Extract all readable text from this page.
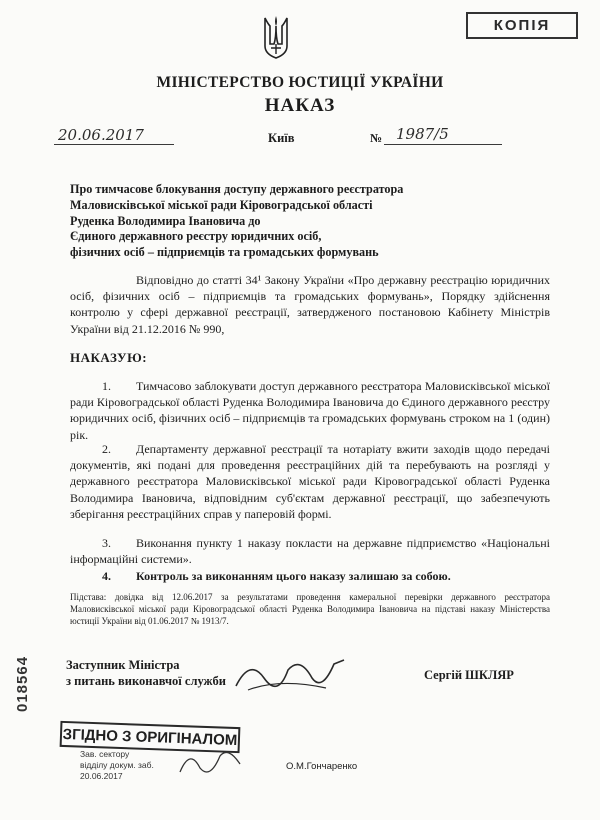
КОПІЯ
МІНІСТЕРСТВО ЮСТИЦІЇ УКРАЇНИ
НАКАЗ
20.06.2017	Київ	№ 1987/5
Про тимчасове блокування доступу державного реєстратора
Маловисківської міської ради Кіровоградської області
Руденка Володимира Івановича до
Єдиного державного реєстру юридичних осіб,
фізичних осіб – підприємців та громадських формувань
Відповідно до статті 34¹ Закону України «Про державну реєстрацію юридичних осіб, фізичних осіб – підприємців та громадських формувань», Порядку здійснення контролю у сфері державної реєстрації, затвердженого постановою Кабінету Міністрів України від 21.12.2016 № 990,
НАКАЗУЮ:
1. Тимчасово заблокувати доступ державного реєстратора Маловисківської міської ради Кіровоградської області Руденка Володимира Івановича до Єдиного державного реєстру юридичних осіб, фізичних осіб – підприємців та громадських формувань строком на 1 (один) рік.
2. Департаменту державної реєстрації та нотаріату вжити заходів щодо передачі документів, які подані для проведення реєстраційних дій та перебувають на розгляді у державного реєстратора Маловисківської міської ради Кіровоградської області Руденка Володимира Івановича, відповідним суб'єктам державної реєстрації, що забезпечують зберігання реєстраційних справ у паперовій формі.
3. Виконання пункту 1 наказу покласти на державне підприємство «Національні інформаційні системи».
4. Контроль за виконанням цього наказу залишаю за собою.
Підстава: довідка від 12.06.2017 за результатами проведення камеральної перевірки державного реєстратора Маловисківської міської ради Кіровоградської області Руденка Володимира Івановича на підставі наказу Міністерства юстиції України від 01.06.2017 № 1913/7.
018564	Заступник Міністра
з питань виконавчої служби	Сергій ШКЛЯР
ЗГІДНО З ОРИГІНАЛОМ
Зав. сектору
відділу докум. заб.
20.06.2017
О.М.Гончаренко
